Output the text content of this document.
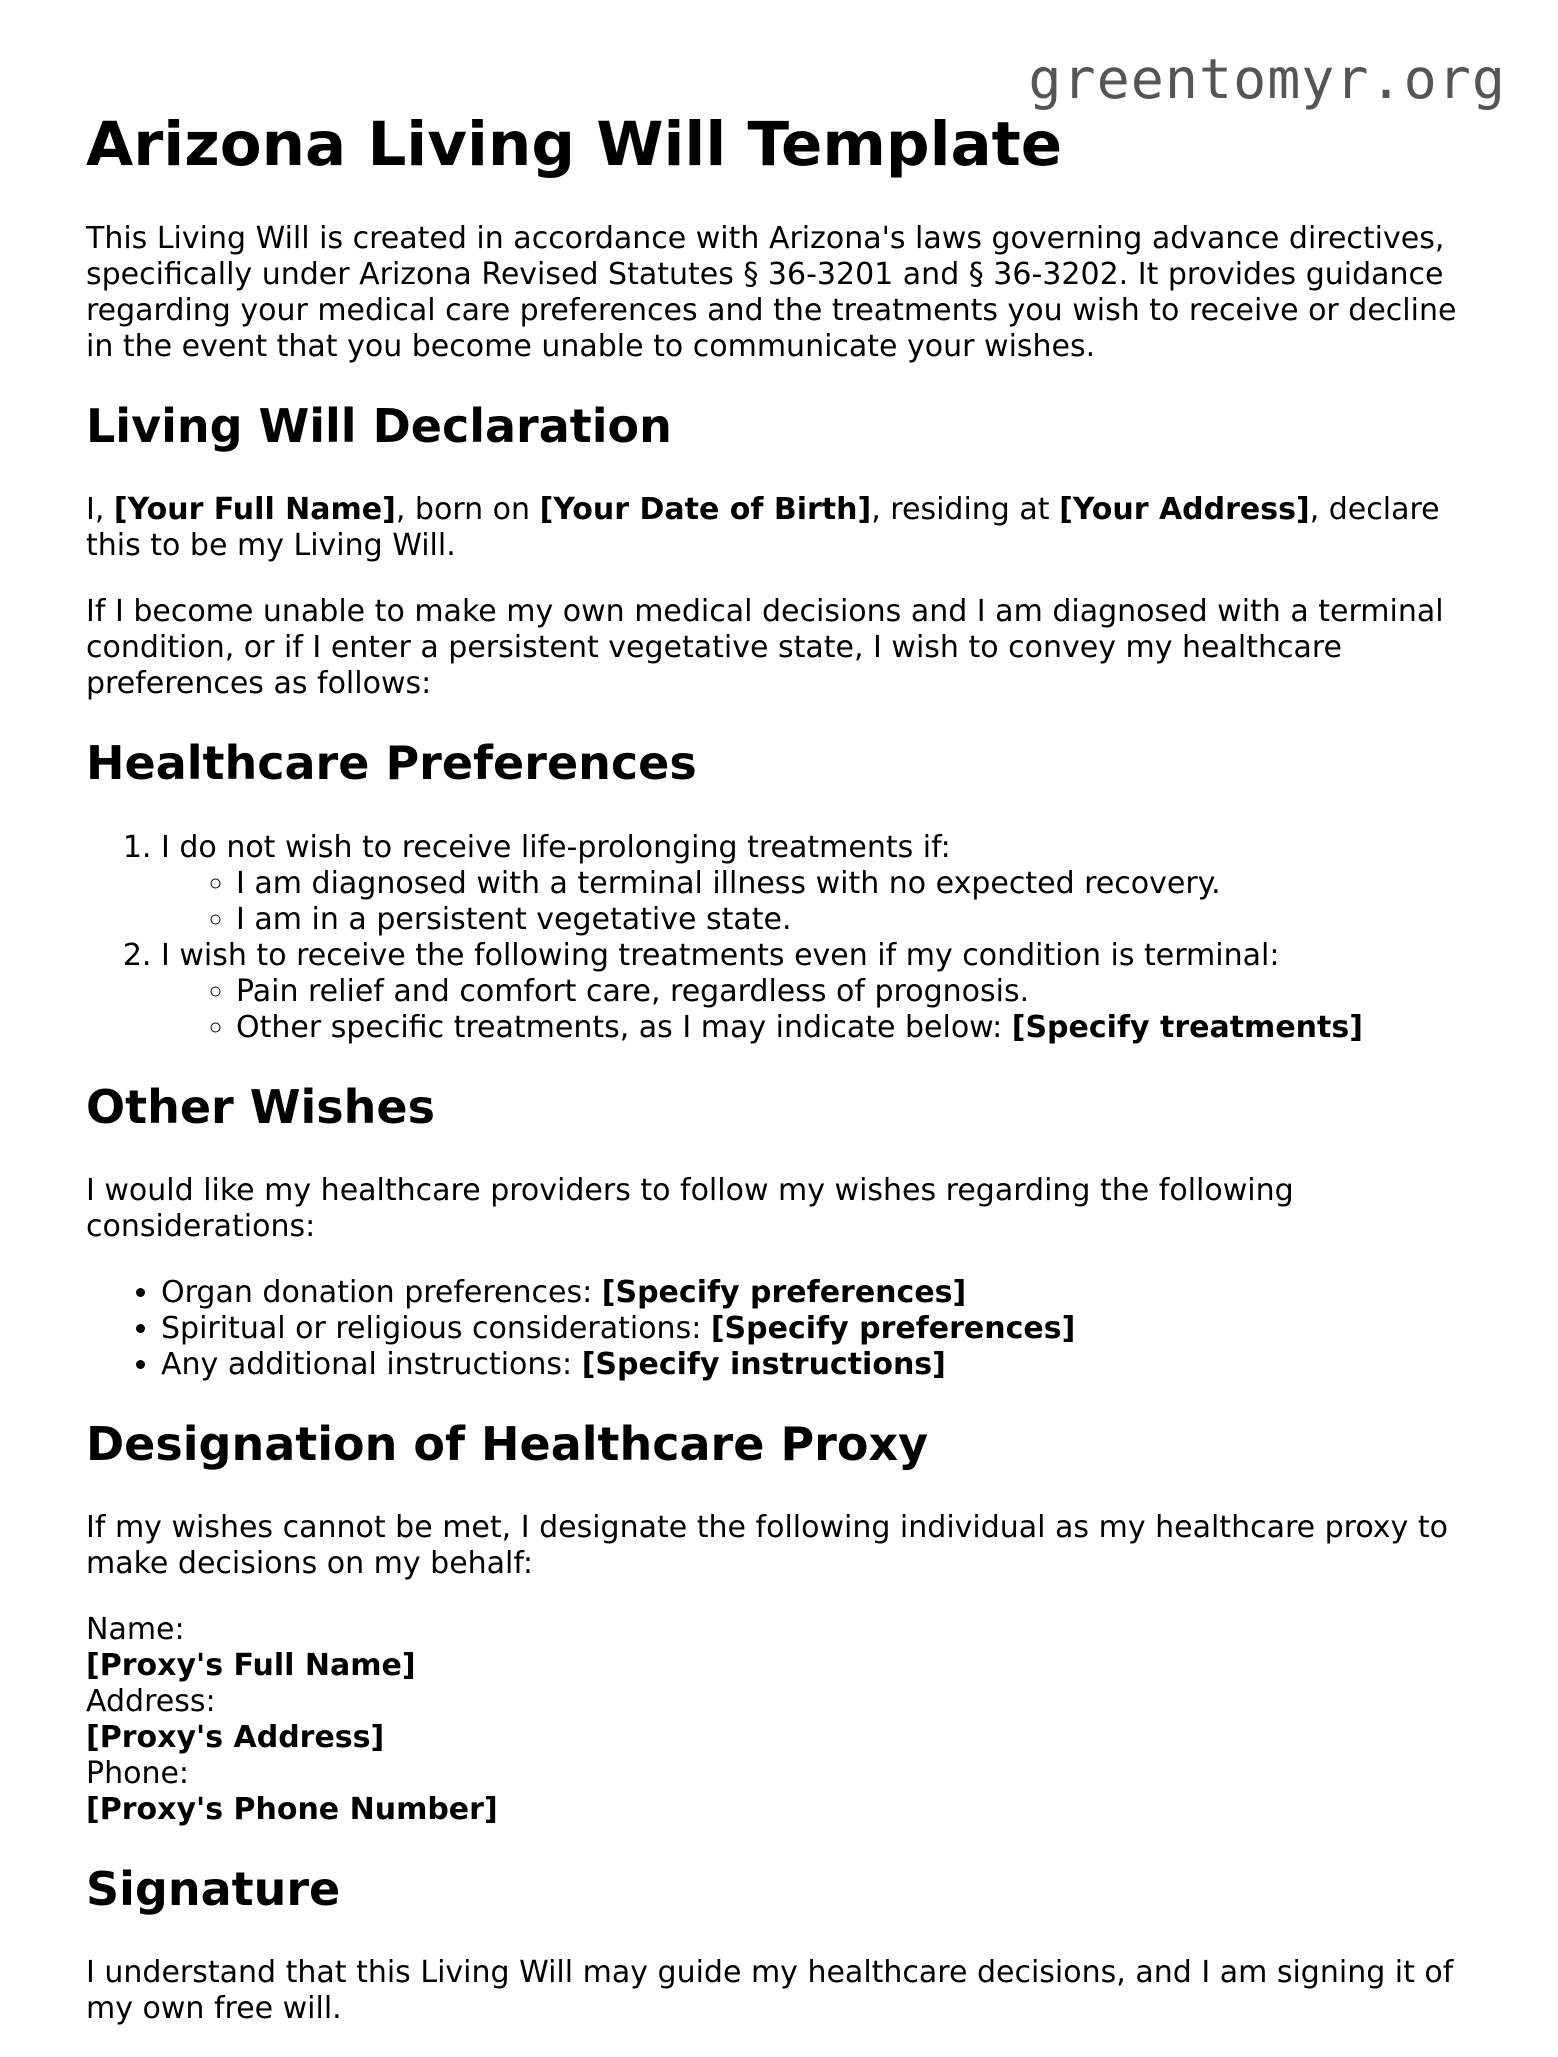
greentomyr.org
Arizona Living Will Template

This Living Will is created in accordance with Arizona's laws governing advance directives, specifically under Arizona Revised Statutes § 36-3201 and § 36-3202. It provides guidance regarding your medical care preferences and the treatments you wish to receive or decline in the event that you become unable to communicate your wishes.

Living Will Declaration

I, [Your Full Name], born on [Your Date of Birth], residing at [Your Address], declare this to be my Living Will.

If I become unable to make my own medical decisions and I am diagnosed with a terminal condition, or if I enter a persistent vegetative state, I wish to convey my healthcare preferences as follows:

Healthcare Preferences
1. I do not wish to receive life-prolonging treatments if:
◦ I am diagnosed with a terminal illness with no expected recovery.
◦ I am in a persistent vegetative state.
2. I wish to receive the following treatments even if my condition is terminal:
◦ Pain relief and comfort care, regardless of prognosis.
◦ Other specific treatments, as I may indicate below: [Specify treatments]
Other Wishes

I would like my healthcare providers to follow my wishes regarding the following considerations:

• Organ donation preferences: [Specify preferences]
• Spiritual or religious considerations: [Specify preferences]
• Any additional instructions: [Specify instructions]
Designation of Healthcare Proxy

If my wishes cannot be met, I designate the following individual as my healthcare proxy to make decisions on my behalf:

Name:
[Proxy's Full Name]
Address:
[Proxy's Address]
Phone:
[Proxy's Phone Number]

Signature

I understand that this Living Will may guide my healthcare decisions, and I am signing it of my own free will.
